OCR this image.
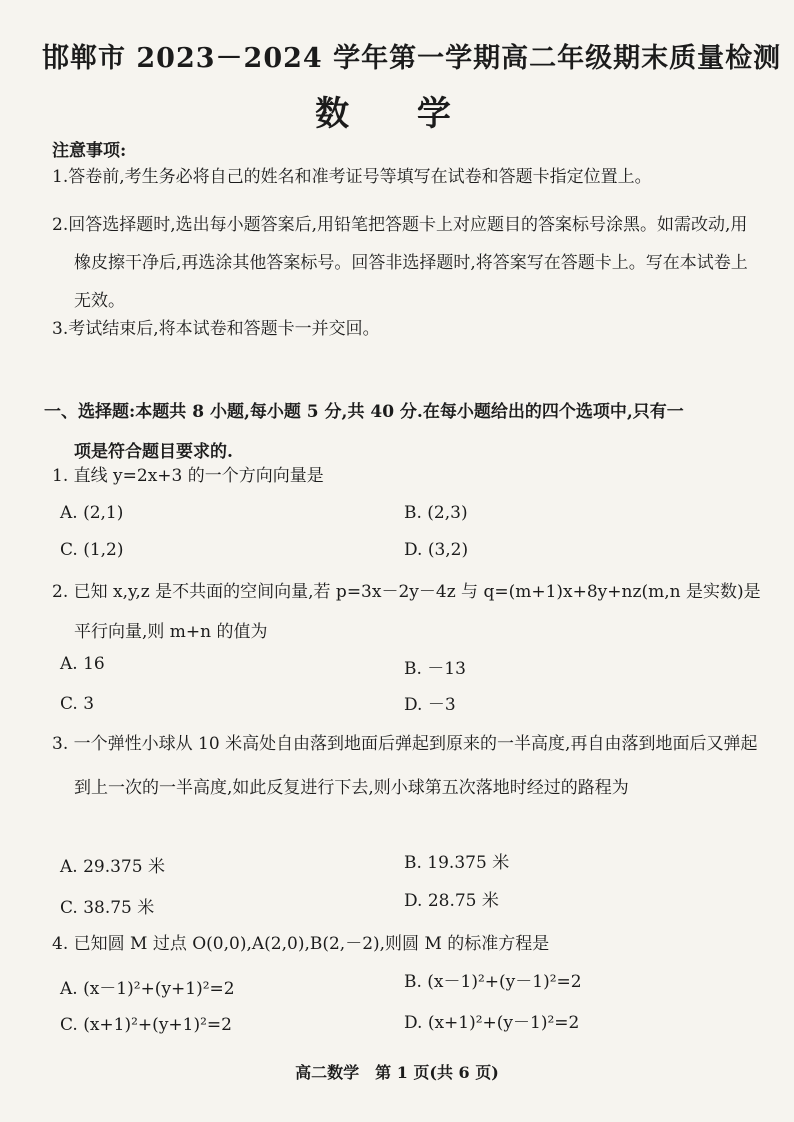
邯郸市 2023－2024 学年第一学期高二年级期末质量检测
数 学
注意事项:
1.答卷前,考生务必将自己的姓名和准考证号等填写在试卷和答题卡指定位置上。
2.回答选择题时,选出每小题答案后,用铅笔把答题卡上对应题目的答案标号涂黑。如需改动,用橡皮擦干净后,再选涂其他答案标号。回答非选择题时,将答案写在答题卡上。写在本试卷上无效。
3.考试结束后,将本试卷和答题卡一并交回。
一、选择题:本题共 8 小题,每小题 5 分,共 40 分.在每小题给出的四个选项中,只有一
项是符合题目要求的.
1. 直线 y=2x+3 的一个方向向量是
A. (2,1)	B. (2,3)
C. (1,2)	D. (3,2)
2. 已知 x,y,z 是不共面的空间向量,若 p=3x－2y－4z 与 q=(m+1)x+8y+nz(m,n 是实数)是平行向量,则 m+n 的值为
A. 16	B. －13
C. 3	D. －3
3. 一个弹性小球从 10 米高处自由落到地面后弹起到原来的一半高度,再自由落到地面后又弹起到上一次的一半高度,如此反复进行下去,则小球第五次落地时经过的路程为
A. 29.375 米	B. 19.375 米
C. 38.75 米	D. 28.75 米
4. 已知圆 M 过点 O(0,0),A(2,0),B(2,－2),则圆 M 的标准方程是
A. (x－1)²+(y+1)²=2	B. (x－1)²+(y－1)²=2
C. (x+1)²+(y+1)²=2	D. (x+1)²+(y－1)²=2
高二数学　第 1 页(共 6 页)
